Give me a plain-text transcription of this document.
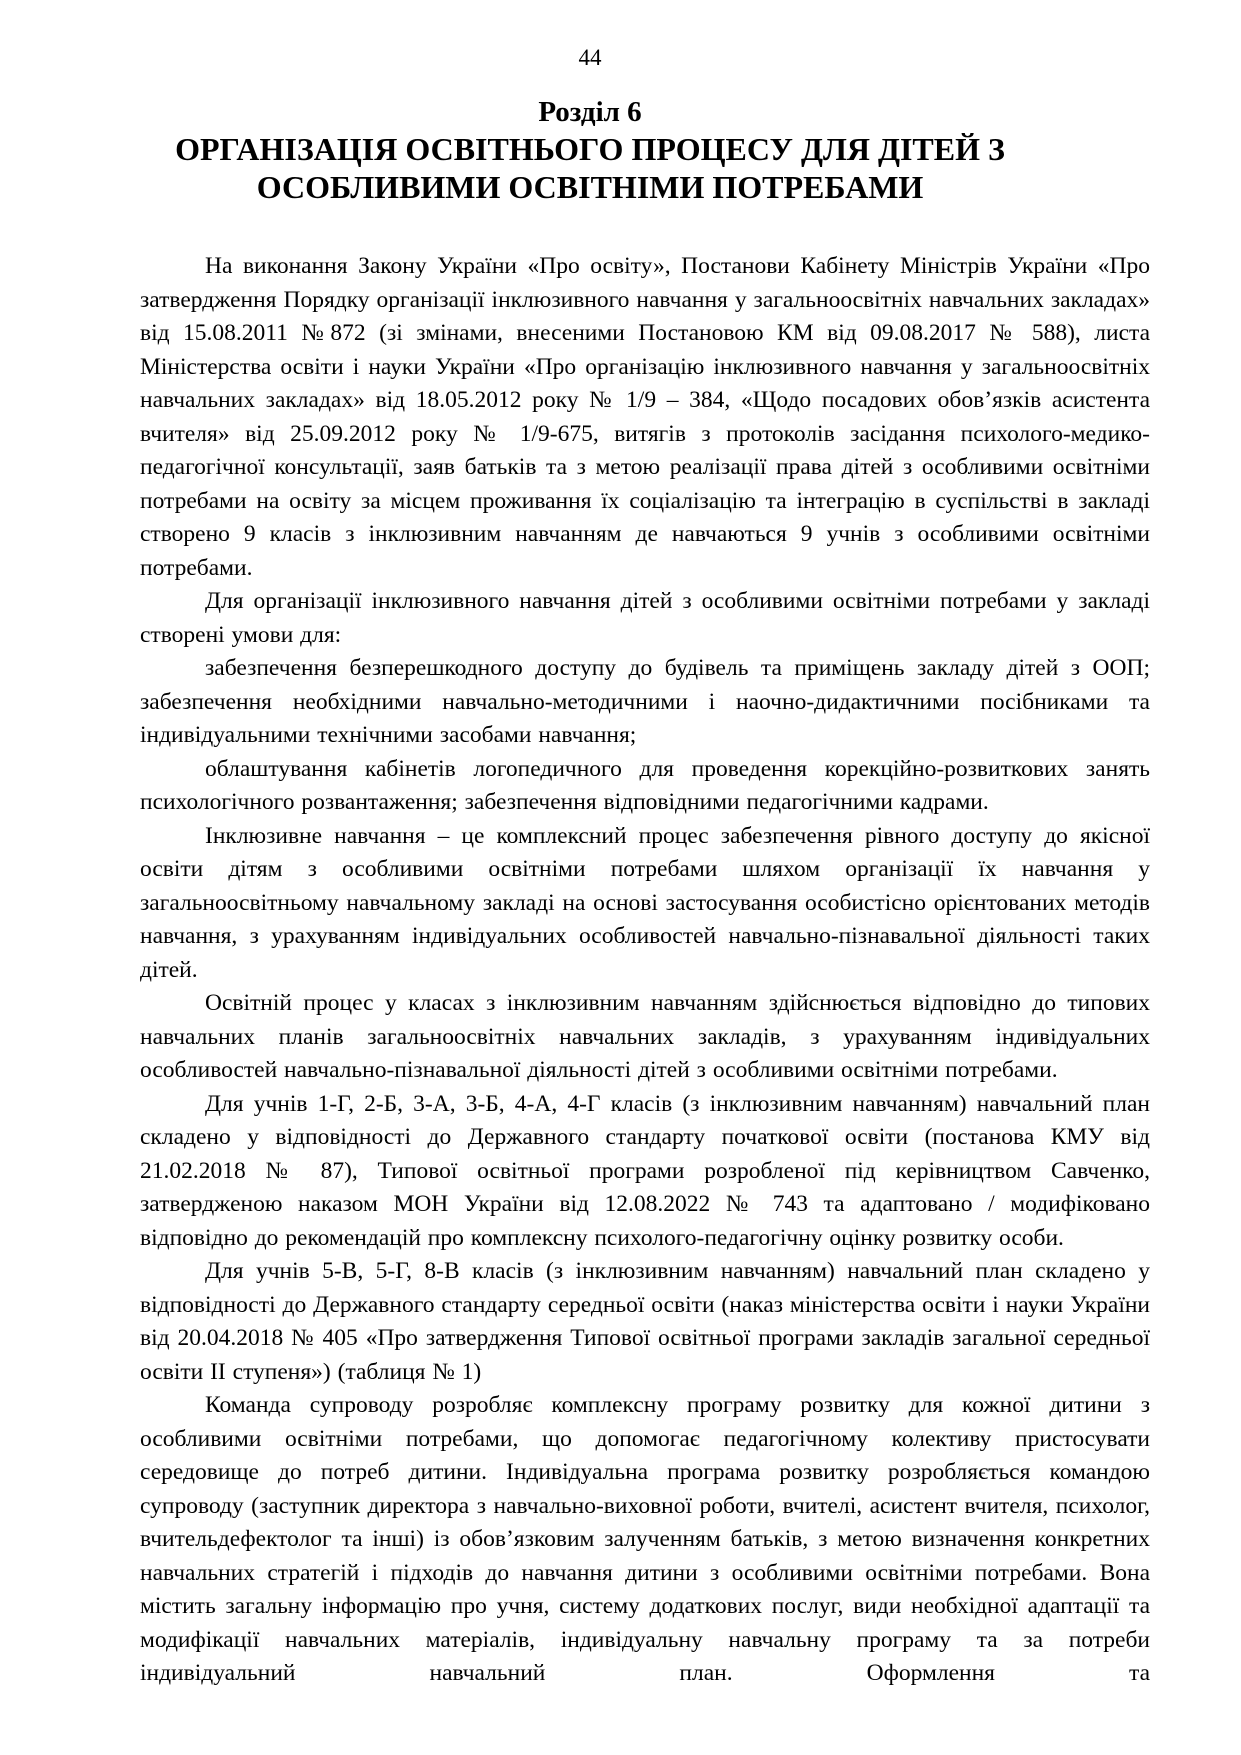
44
Розділ 6
ОРГАНІЗАЦІЯ ОСВІТНЬОГО ПРОЦЕСУ ДЛЯ ДІТЕЙ З
ОСОБЛИВИМИ ОСВІТНІМИ ПОТРЕБАМИ

На виконання Закону України «Про освіту», Постанови Кабінету Міністрів України «Про затвердження Порядку організації інклюзивного навчання у загальноосвітніх навчальних закладах» від 15.08.2011 №872 (зі змінами, внесеними Постановою КМ від 09.08.2017 № 588), листа Міністерства освіти і науки України «Про організацію інклюзивного навчання у загальноосвітніх навчальних закладах» від 18.05.2012 року № 1/9 – 384, «Щодо посадових обов’язків асистента вчителя» від 25.09.2012 року № 1/9-675, витягів з протоколів засідання психолого-медико-педагогічної консультації, заяв батьків та з метою реалізації права дітей з особливими освітніми потребами на освіту за місцем проживання їх соціалізацію та інтеграцію в суспільстві в закладі створено 9 класів з інклюзивним навчанням де навчаються 9 учнів з особливими освітніми потребами.

Для організації інклюзивного навчання дітей з особливими освітніми потребами у закладі створені умови для:

забезпечення безперешкодного доступу до будівель та приміщень закладу дітей з ООП; забезпечення необхідними навчально-методичними і наочно-дидактичними посібниками та індивідуальними технічними засобами навчання;

облаштування кабінетів логопедичного для проведення корекційно-розвиткових занять психологічного розвантаження; забезпечення відповідними педагогічними кадрами.

Інклюзивне навчання – це комплексний процес забезпечення рівного доступу до якісної освіти дітям з особливими освітніми потребами шляхом організації їх навчання у загальноосвітньому навчальному закладі на основі застосування особистісно орієнтованих методів навчання, з урахуванням індивідуальних особливостей навчально-пізнавальної діяльності таких дітей.

Освітній процес у класах з інклюзивним навчанням здійснюється відповідно до типових навчальних планів загальноосвітніх навчальних закладів, з урахуванням індивідуальних особливостей навчально-пізнавальної діяльності дітей з особливими освітніми потребами.

Для учнів 1-Г, 2-Б, 3-А, 3-Б, 4-А, 4-Г класів (з інклюзивним навчанням) навчальний план складено у відповідності до Державного стандарту початкової освіти (постанова КМУ від 21.02.2018 № 87), Типової освітньої програми розробленої під керівництвом Савченко, затвердженою наказом МОН України від 12.08.2022 № 743 та адаптовано / модифіковано відповідно до рекомендацій про комплексну психолого-педагогічну оцінку розвитку особи.

Для учнів 5-В, 5-Г, 8-В класів (з інклюзивним навчанням) навчальний план складено у відповідності до Державного стандарту середньої освіти (наказ міністерства освіти і науки України від 20.04.2018 № 405 «Про затвердження Типової освітньої програми закладів загальної середньої освіти ІІ ступеня») (таблиця № 1)

Команда супроводу розробляє комплексну програму розвитку для кожної дитини з особливими освітніми потребами, що допомогає педагогічному колективу пристосувати середовище до потреб дитини. Індивідуальна програма розвитку розробляється командою супроводу (заступник директора з навчально-виховної роботи, вчителі, асистент вчителя, психолог, вчительдефектолог та інші) із обов’язковим залученням батьків, з метою визначення конкретних навчальних стратегій і підходів до навчання дитини з особливими освітніми потребами. Вона містить загальну інформацію про учня, систему додаткових послуг, види необхідної адаптації та модифікації навчальних матеріалів, індивідуальну навчальну програму та за потреби індивідуальний навчальний план. Оформлення та
